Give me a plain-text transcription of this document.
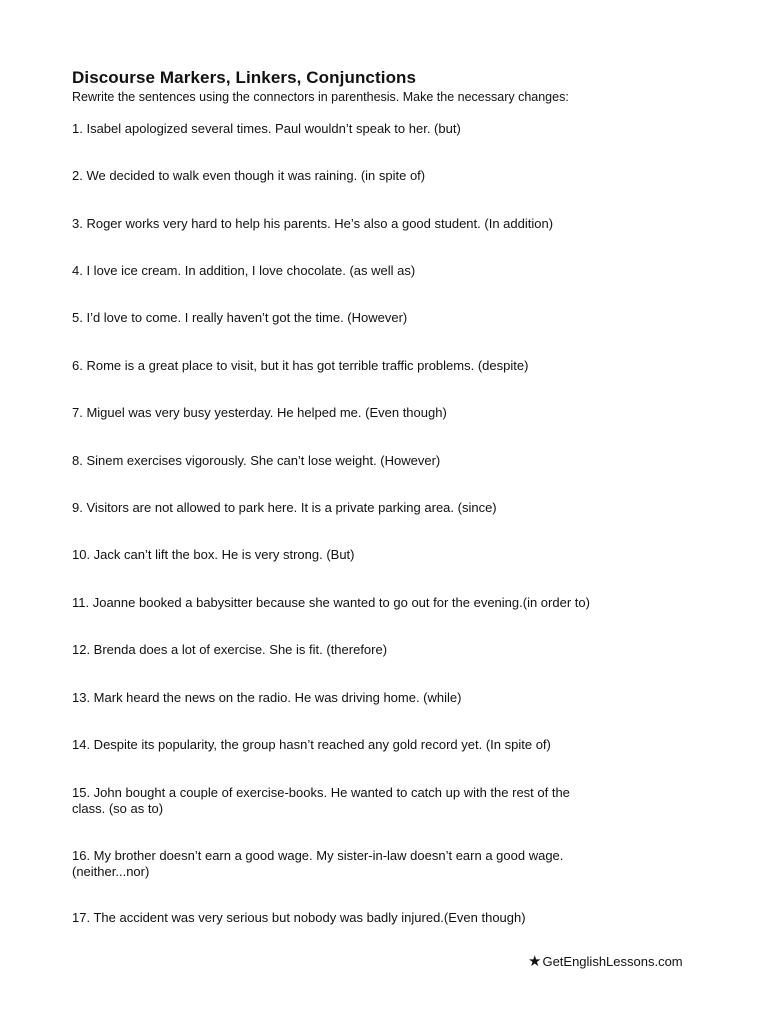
Discourse Markers, Linkers, Conjunctions
Rewrite the sentences using the connectors in parenthesis. Make the necessary changes:
1. Isabel apologized several times. Paul wouldn’t speak to her. (but)
2. We decided to walk even though it was raining. (in spite of)
3. Roger works very hard to help his parents. He’s also a good student. (In addition)
4. I love ice cream. In addition, I love chocolate. (as well as)
5. I’d love to come. I really haven’t got the time. (However)
6. Rome is a great place to visit, but it has got terrible traffic problems. (despite)
7. Miguel was very busy yesterday. He helped me. (Even though)
8. Sinem exercises vigorously. She can’t lose weight. (However)
9. Visitors are not allowed to park here. It is a private parking area. (since)
10. Jack can’t lift the box. He is very strong. (But)
11. Joanne booked a babysitter because she wanted to go out for the evening.(in order to)
12. Brenda does a lot of exercise. She is fit. (therefore)
13. Mark heard the news on the radio. He was driving home. (while)
14. Despite its popularity, the group hasn’t reached any gold record yet. (In spite of)
15. John bought a couple of exercise-books. He wanted to catch up with the rest of the class. (so as to)
16. My brother doesn’t earn a good wage. My sister-in-law doesn’t earn a good wage. (neither...nor)
17. The accident was very serious but nobody was badly injured.(Even though)
★ GetEnglishLessons.com
